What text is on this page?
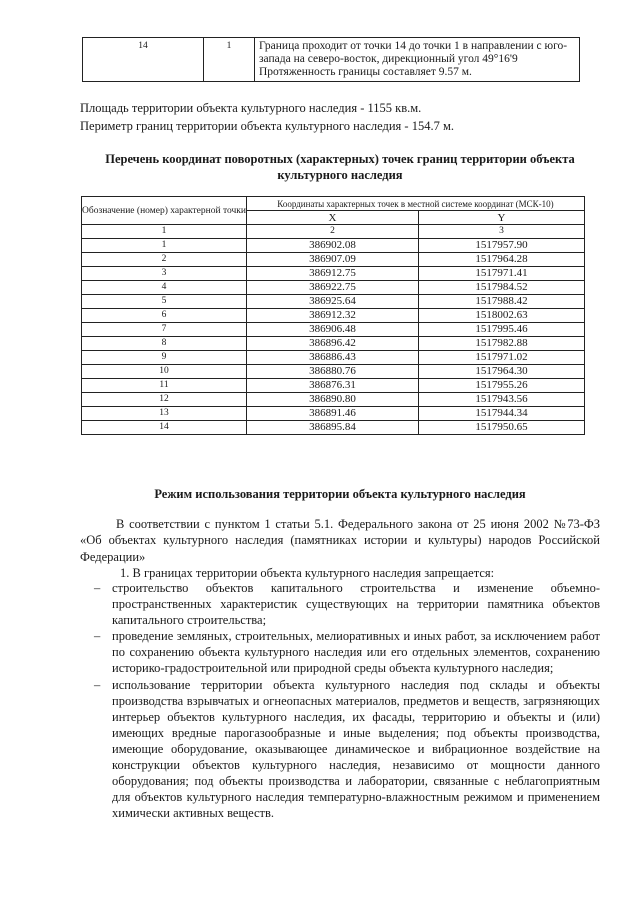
14	1	Граница проходит от точки 14 до точки 1 в направлении с юго-запада на северо-восток, дирекционный угол 49°16'9 Протяженность границы составляет 9.57 м.
Площадь территории объекта культурного наследия - 1155 кв.м.
Периметр границ территории объекта культурного наследия - 154.7 м.
Перечень координат поворотных (характерных) точек границ территории объекта культурного наследия
Обозначение (номер) характерной точки	Координаты характерных точек в местной системе координат (МСК-10)	
	X	Y
1	2	3
1	386902.08	1517957.90
2	386907.09	1517964.28
3	386912.75	1517971.41
4	386922.75	1517984.52
5	386925.64	1517988.42
6	386912.32	1518002.63
7	386906.48	1517995.46
8	386896.42	1517982.88
9	386886.43	1517971.02
10	386880.76	1517964.30
11	386876.31	1517955.26
12	386890.80	1517943.56
13	386891.46	1517944.34
14	386895.84	1517950.65
Режим использования территории объекта культурного наследия
В соответствии с пунктом 1 статьи 5.1. Федерального закона от 25 июня 2002 №73-ФЗ «Об объектах культурного наследия (памятниках истории и культуры) народов Российской Федерации»
1. В границах территории объекта культурного наследия запрещается:
– строительство объектов капитального строительства и изменение объемно-пространственных характеристик существующих на территории памятника объектов капитального строительства;
– проведение земляных, строительных, мелиоративных и иных работ, за исключением работ по сохранению объекта культурного наследия или его отдельных элементов, сохранению историко-градостроительной или природной среды объекта культурного наследия;
– использование территории объекта культурного наследия под склады и объекты производства взрывчатых и огнеопасных материалов, предметов и веществ, загрязняющих интерьер объектов культурного наследия, их фасады, территорию и объекты и (или) имеющих вредные парогазообразные и иные выделения; под объекты производства, имеющие оборудование, оказывающее динамическое и вибрационное воздействие на конструкции объектов культурного наследия, независимо от мощности данного оборудования; под объекты производства и лаборатории, связанные с неблагоприятным для объектов культурного наследия температурно-влажностным режимом и применением химически активных веществ.
